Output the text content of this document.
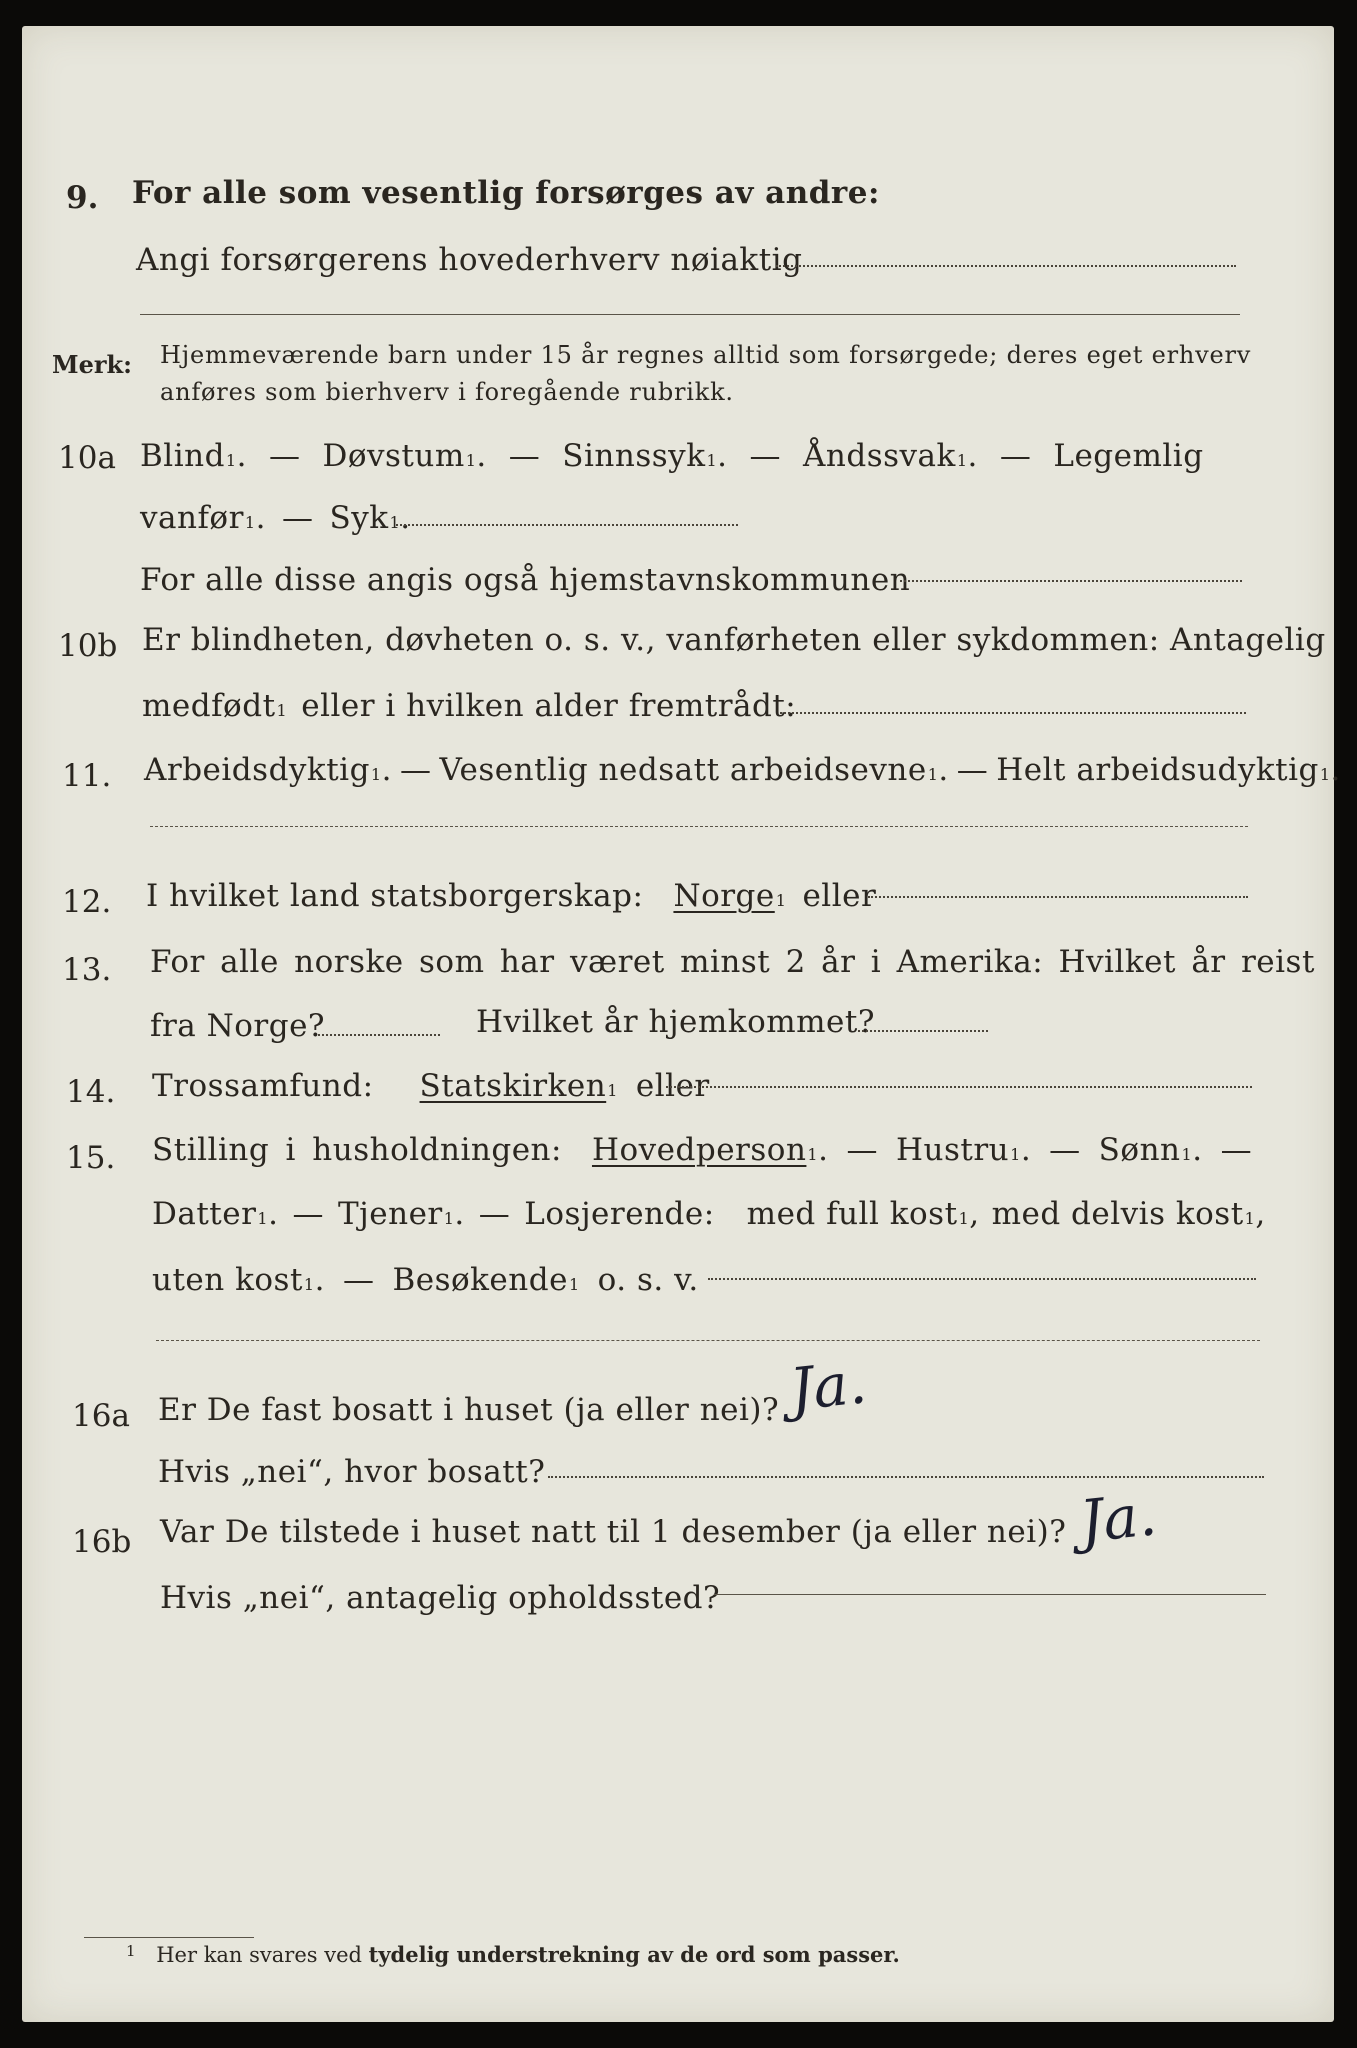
9. For alle som vesentlig forsørges av andre:
Angi forsørgerens hovederhverv nøiaktig
Merk: Hjemmeværende barn under 15 år regnes alltid som forsørgede; deres eget erhverv
anføres som bierhverv i foregående rubrikk.
10a Blind 1 . — Døvstum 1 . — Sinnssyk 1 . — Åndssvak 1 . — Legemlig
vanfør 1 . — Syk 1 .
For alle disse angis også hjemstavnskommunen
10b Er blindheten, døvheten o. s. v., vanførheten eller sykdommen: Antagelig
medfødt 1 eller i hvilken alder fremtrådt:
11. Arbeidsdyktig 1 . — Vesentlig nedsatt arbeidsevne 1 . — Helt arbeidsudyktig 1 .
12. I hvilket land statsborgerskap: Norge 1 eller
13. For alle norske som har været minst 2 år i Amerika: Hvilket år reist
fra Norge?	Hvilket år hjemkommet?
14. Trossamfund: Statskirken 1 eller
15. Stilling i husholdningen: Hovedperson 1 . — Hustru 1 . — Sønn 1 . —
Datter 1 . — Tjener 1 . — Losjerende: med full kost 1 , med delvis kost 1 ,
uten kost 1 . — Besøkende 1 o. s. v.
16a Er De fast bosatt i huset (ja eller nei)? Ja.
Hvis „nei“, hvor bosatt?
16b Var De tilstede i huset natt til 1 desember (ja eller nei)? Ja.
Hvis „nei“, antagelig opholdssted?
$^1$ Her kan svares ved tydelig understrekning av de ord som passer.
